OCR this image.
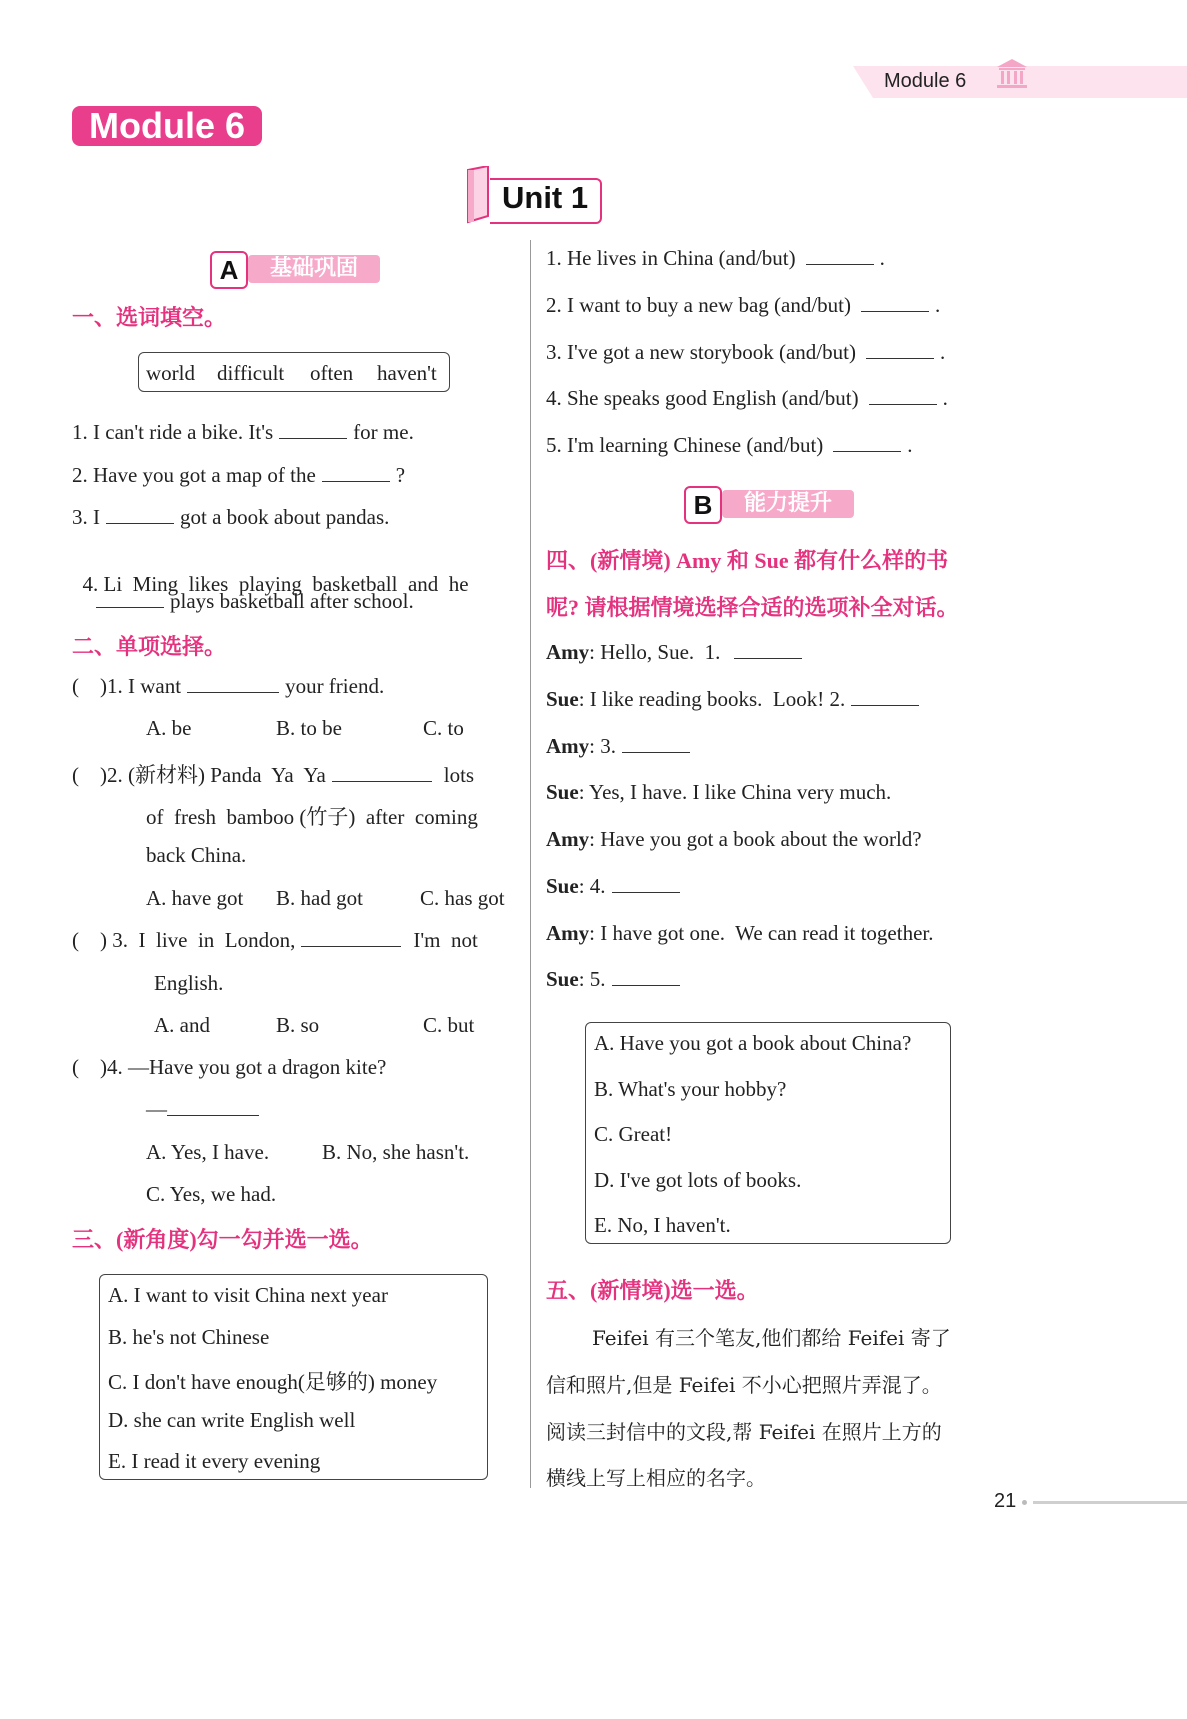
Module 6
Module 6
Unit 1
A	基础巩固
一、选词填空。
world difficult often haven't
1. I can't ride a bike. It's	for me.
2. Have you got a map of the	?
3. I	got a book about pandas.

4. Li  Ming  likes  playing  basketball  and  he

plays basketball after school.
二、单项选择。
(    )1. I want	your friend.
A. be	B. to be	C. to
(    )2. (新材料) Panda  Ya  Ya	lots
of  fresh  bamboo (竹子)  after  coming
back China.
A. have got B. had got	C. has got
(    ) 3.  I  live  in  London,	I'm  not
English.
A. and	B. so	C. but
(    )4. —Have you got a dragon kite?
—
A. Yes, I have.	B. No, she hasn't.
C. Yes, we had.
三、(新角度)勾一勾并选一选。
A. I want to visit China next year
B. he's not Chinese
C. I don't have enough(足够的) money
D. she can write English well
E. I read it every evening
1. He lives in China (and/but)	.
2. I want to buy a new bag (and/but)	.
3. I've got a new storybook (and/but)	.
4. She speaks good English (and/but)	.
5. I'm learning Chinese (and/but)	.
B	能力提升
四、(新情境) Amy 和 Sue 都有什么样的书
呢? 请根据情境选择合适的选项补全对话。
Amy: Hello, Sue.  1.
Sue: I like reading books.  Look! 2.
Amy: 3.
Sue: Yes, I have. I like China very much.
Amy: Have you got a book about the world?
Sue: 4.
Amy: I have got one.  We can read it together.
Sue: 5.
A. Have you got a book about China?
B. What's your hobby?
C. Great!
D. I've got lots of books.
E. No, I haven't.
五、(新情境)选一选。
Feifei 有三个笔友,他们都给 Feifei 寄了
信和照片,但是 Feifei 不小心把照片弄混了。
阅读三封信中的文段,帮 Feifei 在照片上方的
横线上写上相应的名字。
21
